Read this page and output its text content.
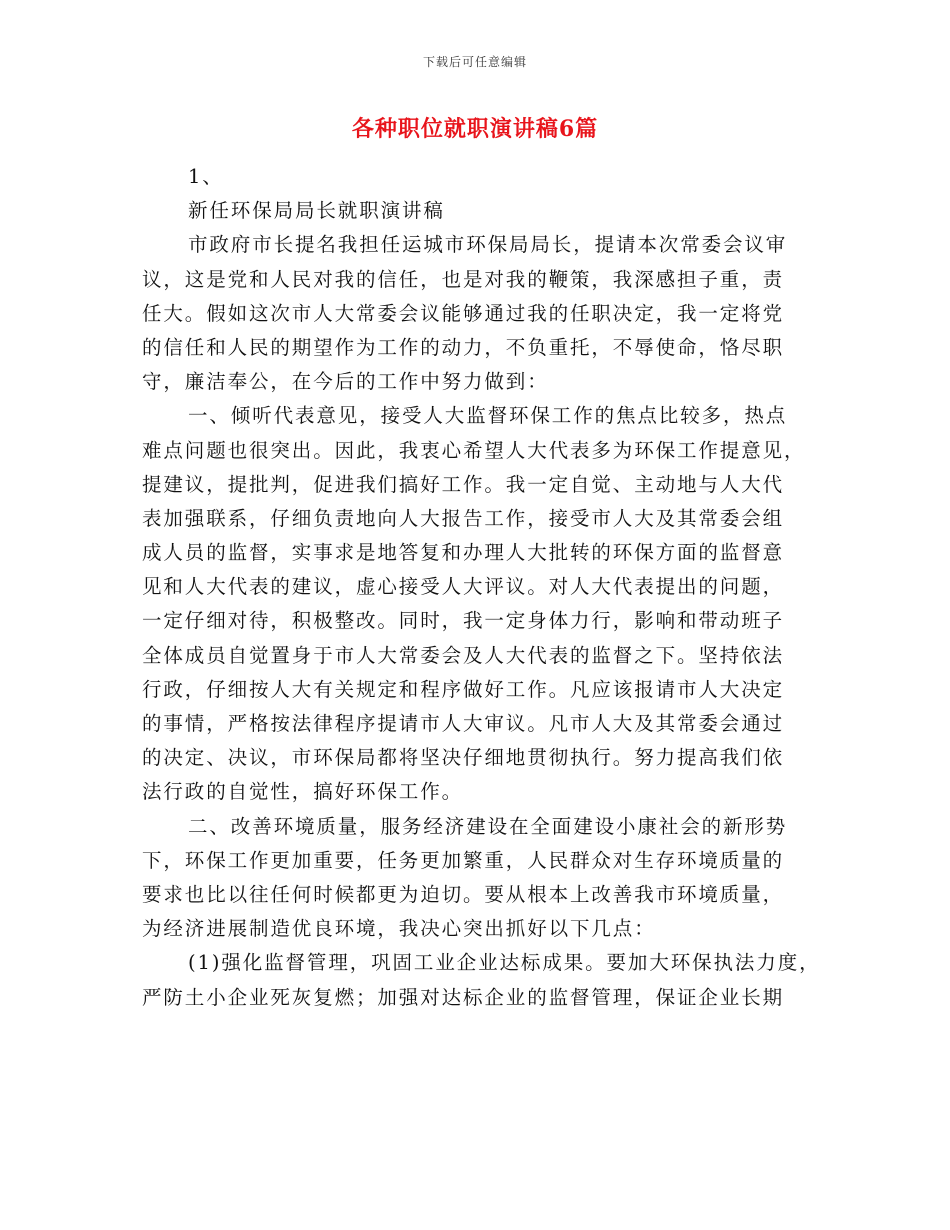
下载后可任意编辑
各种职位就职演讲稿6篇
1、
新任环保局局长就职演讲稿
市政府市长提名我担任运城市环保局局长，提请本次常委会议审
议，这是党和人民对我的信任，也是对我的鞭策，我深感担子重，责
任大。假如这次市人大常委会议能够通过我的任职决定，我一定将党
的信任和人民的期望作为工作的动力，不负重托，不辱使命，恪尽职
守，廉洁奉公，在今后的工作中努力做到：
一、倾听代表意见，接受人大监督环保工作的焦点比较多，热点
难点问题也很突出。因此，我衷心希望人大代表多为环保工作提意见，
提建议，提批判，促进我们搞好工作。我一定自觉、主动地与人大代
表加强联系，仔细负责地向人大报告工作，接受市人大及其常委会组
成人员的监督，实事求是地答复和办理人大批转的环保方面的监督意
见和人大代表的建议，虚心接受人大评议。对人大代表提出的问题，
一定仔细对待，积极整改。同时，我一定身体力行，影响和带动班子
全体成员自觉置身于市人大常委会及人大代表的监督之下。坚持依法
行政，仔细按人大有关规定和程序做好工作。凡应该报请市人大决定
的事情，严格按法律程序提请市人大审议。凡市人大及其常委会通过
的决定、决议，市环保局都将坚决仔细地贯彻执行。努力提高我们依
法行政的自觉性，搞好环保工作。
二、改善环境质量，服务经济建设在全面建设小康社会的新形势
下，环保工作更加重要，任务更加繁重，人民群众对生存环境质量的
要求也比以往任何时候都更为迫切。要从根本上改善我市环境质量，
为经济进展制造优良环境，我决心突出抓好以下几点：
(1)强化监督管理，巩固工业企业达标成果。要加大环保执法力度，
严防土小企业死灰复燃；加强对达标企业的监督管理，保证企业长期
